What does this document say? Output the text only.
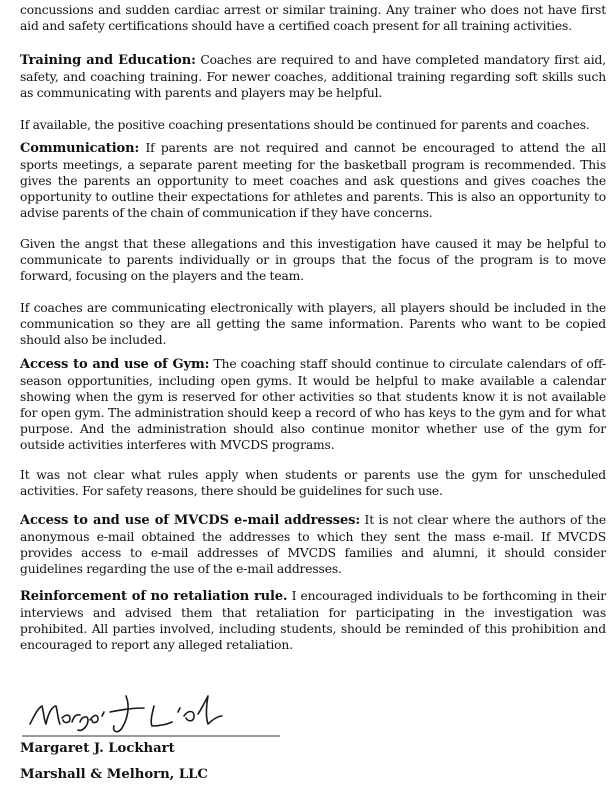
concussions and sudden cardiac arrest or similar training. Any trainer who does not have first aid and safety certifications should have a certified coach present for all training activities.

Training and Education: Coaches are required to and have completed mandatory first aid, safety, and coaching training. For newer coaches, additional training regarding soft skills such as communicating with parents and players may be helpful.

If available, the positive coaching presentations should be continued for parents and coaches.

Communication: If parents are not required and cannot be encouraged to attend the all sports meetings, a separate parent meeting for the basketball program is recommended. This gives the parents an opportunity to meet coaches and ask questions and gives coaches the opportunity to outline their expectations for athletes and parents. This is also an opportunity to advise parents of the chain of communication if they have concerns.

Given the angst that these allegations and this investigation have caused it may be helpful to communicate to parents individually or in groups that the focus of the program is to move forward, focusing on the players and the team.

If coaches are communicating electronically with players, all players should be included in the communication so they are all getting the same information. Parents who want to be copied should also be included.

Access to and use of Gym: The coaching staff should continue to circulate calendars of off-season opportunities, including open gyms. It would be helpful to make available a calendar showing when the gym is reserved for other activities so that students know it is not available for open gym. The administration should keep a record of who has keys to the gym and for what purpose. And the administration should also continue monitor whether use of the gym for outside activities interferes with MVCDS programs.

It was not clear what rules apply when students or parents use the gym for unscheduled activities. For safety reasons, there should be guidelines for such use.

Access to and use of MVCDS e-mail addresses: It is not clear where the authors of the anonymous e-mail obtained the addresses to which they sent the mass e-mail. If MVCDS provides access to e-mail addresses of MVCDS families and alumni, it should consider guidelines regarding the use of the e-mail addresses.

Reinforcement of no retaliation rule. I encouraged individuals to be forthcoming in their interviews and advised them that retaliation for participating in the investigation was prohibited. All parties involved, including students, should be reminded of this prohibition and encouraged to report any alleged retaliation.

Margaret J. Lockhart

Marshall & Melhorn, LLC
